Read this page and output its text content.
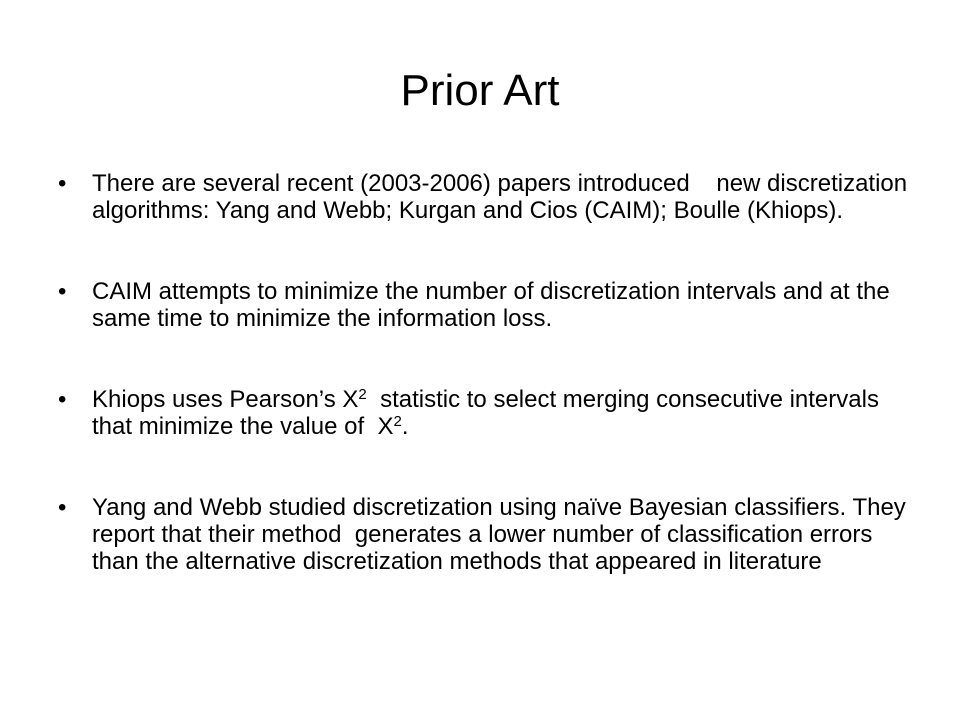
Prior Art
• There are several recent (2003-2006) papers introduced    new discretization algorithms: Yang and Webb; Kurgan and Cios (CAIM); Boulle (Khiops).
• CAIM attempts to minimize the number of discretization intervals and at the same time to minimize the information loss.
• Khiops uses Pearson’s $X^2$  statistic to select merging consecutive intervals that minimize the value of  $X^2$.
• Yang and Webb studied discretization using naïve Bayesian classifiers. They report that their method  generates a lower number of classification errors than the alternative discretization methods that appeared in literature
